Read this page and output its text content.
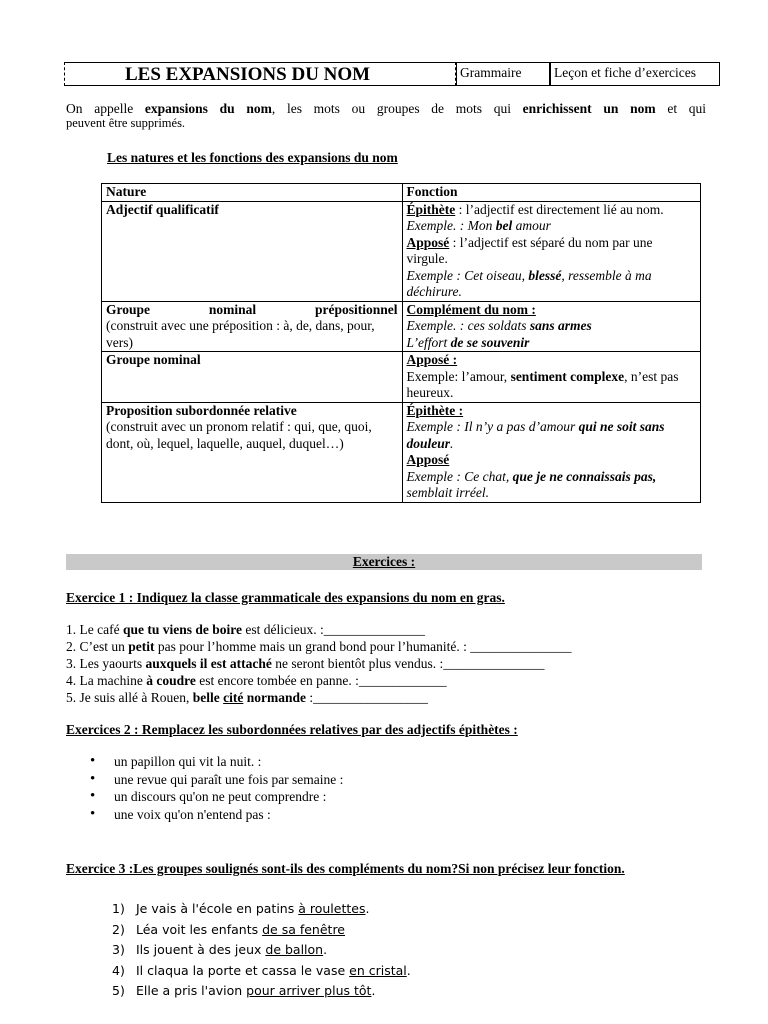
LES EXPANSIONS DU NOM	Grammaire Leçon et fiche d’exercices
On appelle expansions du nom, les mots ou groupes de mots qui enrichissent un nom et qui
peuvent être supprimés.
Les natures et les fonctions des expansions du nom
Nature	Fonction
Adjectif qualificatif	Épithète : l’adjectif est directement lié au nom.
Exemple. : Mon bel amour
Apposé : l’adjectif est séparé du nom par une virgule.
Exemple : Cet oiseau, blessé, ressemble à ma déchirure.

Groupe nominal prépositionnel
(construit avec une préposition : à, de, dans, pour, vers)	Complément du nom :
Exemple. : ces soldats sans armes
L’effort de se souvenir
Groupe nominal	Apposé :
Exemple: l’amour, sentiment complexe, n’est pas heureux.
Proposition subordonnée relative
(construit avec un pronom relatif : qui, que, quoi, dont, où, lequel, laquelle, auquel, duquel…)	Épithète :
Exemple : Il n’y a pas d’amour qui ne soit sans douleur.
Apposé
Exemple : Ce chat, que je ne connaissais pas, semblait irréel.
Exercices :
Exercice 1 : Indiquez la classe grammaticale des expansions du nom en gras.
1. Le café que tu viens de boire est délicieux. :_______________
2. C’est un petit pas pour l’homme mais un grand bond pour l’humanité. : _______________
3. Les yaourts auxquels il est attaché ne seront bientôt plus vendus. :_______________
4. La machine à coudre est encore tombée en panne. :_____________
5. Je suis allé à Rouen, belle cité normande :_________________
Exercices 2 : Remplacez les subordonnées relatives par des adjectifs épithètes :
• un papillon qui vit la nuit. :
• une revue qui paraît une fois par semaine :
• un discours qu'on ne peut comprendre :
• une voix qu'on n'entend pas :
Exercice 3 :Les groupes soulignés sont-ils des compléments du nom?Si non précisez leur fonction.
1) Je vais à l'école en patins à roulettes.
2) Léa voit les enfants de sa fenêtre
3) Ils jouent à des jeux de ballon.
4) Il claqua la porte et cassa le vase en cristal.
5) Elle a pris l'avion pour arriver plus tôt.
